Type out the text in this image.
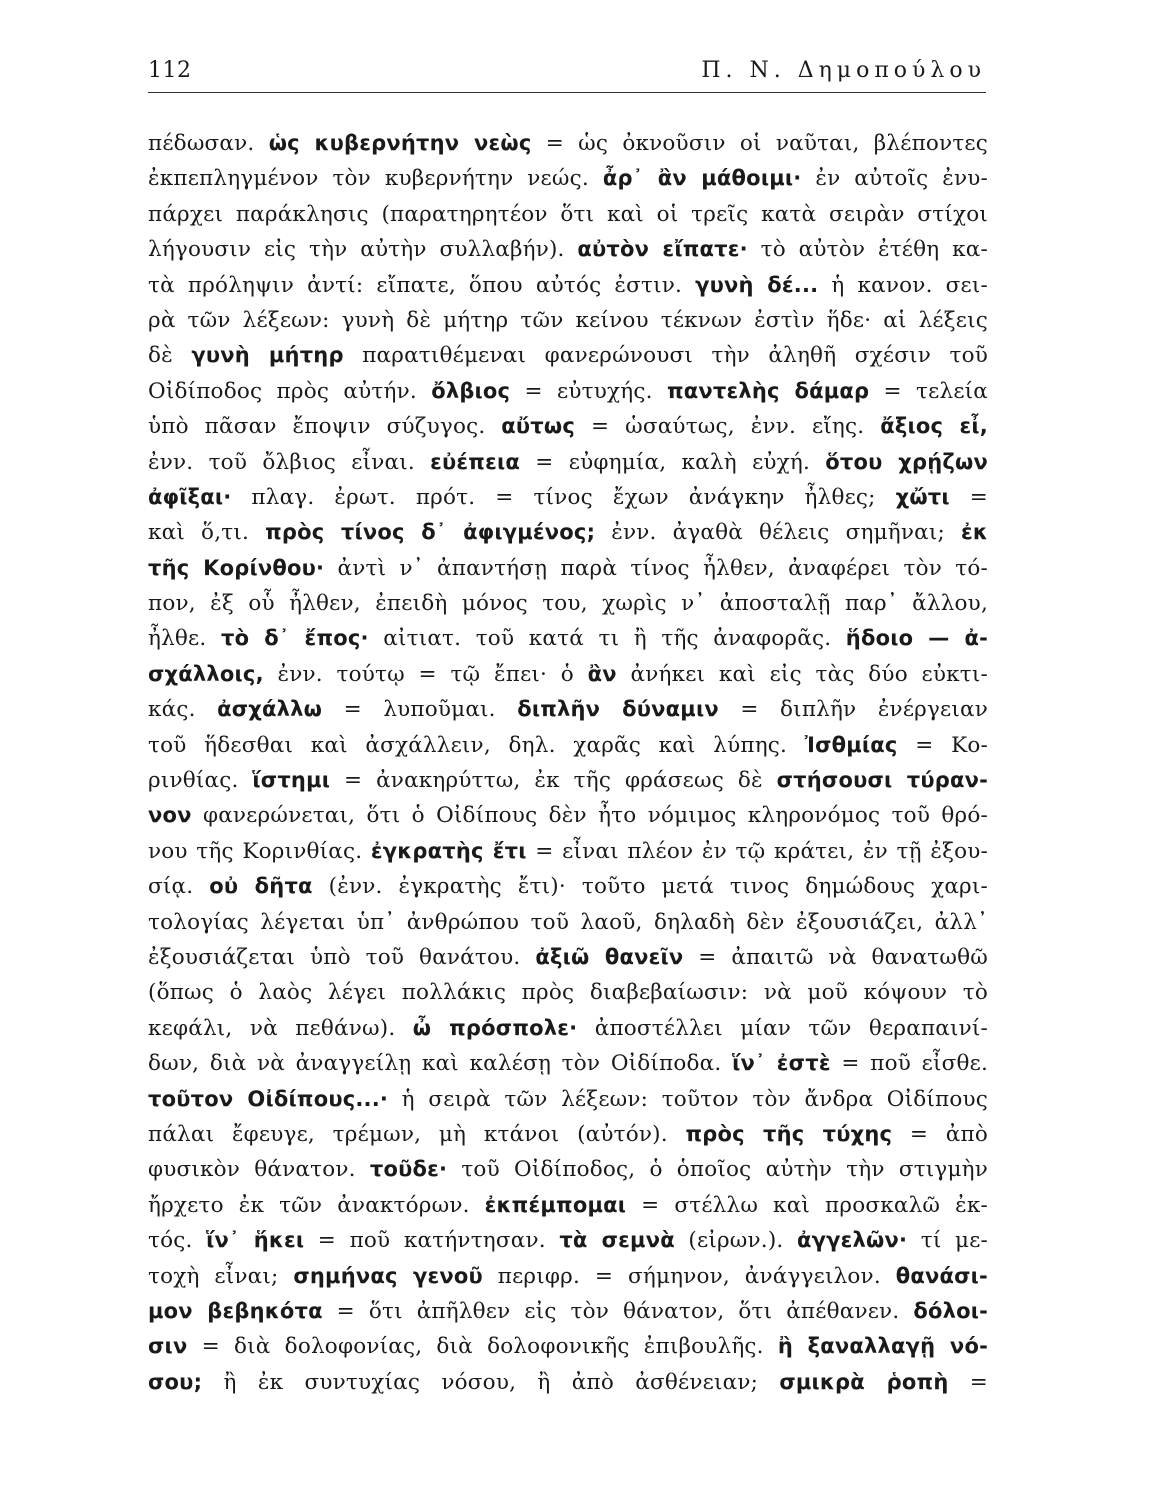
112	Π. Ν. Δημοπούλου
πέδωσαν. ὡς κυβερνήτην νεὼς = ὡς ὀκνοῦσιν οἱ ναῦται, βλέποντες
ἐκπεπληγμένον τὸν κυβερνήτην νεώς. ἆρ᾿ ἂν μάθοιμι· ἐν αὐτοῖς ἐνυ-
πάρχει παράκλησις (παρατηρητέον ὅτι καὶ οἱ τρεῖς κατὰ σειρὰν στίχοι
λήγουσιν εἰς τὴν αὐτὴν συλλαβήν). αὐτὸν εἴπατε· τὸ αὐτὸν ἐτέθη κα-
τὰ πρόληψιν ἀντί: εἴπατε, ὅπου αὐτός ἐστιν. γυνὴ δέ... ἡ κανον. σει-
ρὰ τῶν λέξεων: γυνὴ δὲ μήτηρ τῶν κείνου τέκνων ἐστὶν ἥδε· αἱ λέξεις
δὲ γυνὴ μήτηρ παρατιθέμεναι φανερώνουσι τὴν ἀληθῆ σχέσιν τοῦ
Οἰδίποδος πρὸς αὐτήν. ὄλβιος = εὐτυχής. παντελὴς δάμαρ = τελεία
ὑπὸ πᾶσαν ἔποψιν σύζυγος. αὔτως = ὡσαύτως, ἐνν. εἴης. ἄξιος εἶ,
ἐνν. τοῦ ὄλβιος εἶναι. εὐέπεια = εὐφημία, καλὴ εὐχή. ὅτου χρῄζων
ἀφῖξαι· πλαγ. ἐρωτ. πρότ. = τίνος ἔχων ἀνάγκην ἦλθες; χὤτι =
καὶ ὅ,τι. πρὸς τίνος δ᾿ ἀφιγμένος; ἐνν. ἀγαθὰ θέλεις σημῆναι; ἐκ
τῆς Κορίνθου· ἀντὶ ν᾿ ἀπαντήσῃ παρὰ τίνος ἦλθεν, ἀναφέρει τὸν τό-
πον, ἐξ οὗ ἦλθεν, ἐπειδὴ μόνος του, χωρὶς ν᾿ ἀποσταλῇ παρ᾿ ἄλλου,
ἦλθε. τὸ δ᾿ ἔπος· αἰτιατ. τοῦ κατά τι ἢ τῆς ἀναφορᾶς. ἥδοιο — ἀ-
σχάλλοις, ἐνν. τούτῳ = τῷ ἔπει· ὁ ἂν ἀνήκει καὶ εἰς τὰς δύο εὐκτι-
κάς. ἀσχάλλω = λυποῦμαι. διπλῆν δύναμιν = διπλῆν ἐνέργειαν
τοῦ ἥδεσθαι καὶ ἀσχάλλειν, δηλ. χαρᾶς καὶ λύπης. Ἰσθμίας = Κο-
ρινθίας. ἵστημι = ἀνακηρύττω, ἐκ τῆς φράσεως δὲ στήσουσι τύραν-
νον φανερώνεται, ὅτι ὁ Οἰδίπους δὲν ἦτο νόμιμος κληρονόμος τοῦ θρό-
νου τῆς Κορινθίας. ἐγκρατὴς ἔτι = εἶναι πλέον ἐν τῷ κράτει, ἐν τῇ ἐξου-
σίᾳ. οὐ δῆτα (ἐνν. ἐγκρατὴς ἔτι)· τοῦτο μετά τινος δημώδους χαρι-
τολογίας λέγεται ὑπ᾿ ἀνθρώπου τοῦ λαοῦ, δηλαδὴ δὲν ἐξουσιάζει, ἀλλ᾿
ἐξουσιάζεται ὑπὸ τοῦ θανάτου. ἀξιῶ θανεῖν = ἀπαιτῶ νὰ θανατωθῶ
(ὅπως ὁ λαὸς λέγει πολλάκις πρὸς διαβεβαίωσιν: νὰ μοῦ κόψουν τὸ
κεφάλι, νὰ πεθάνω). ὦ πρόσπολε· ἀποστέλλει μίαν τῶν θεραπαινί-
δων, διὰ νὰ ἀναγγείλῃ καὶ καλέσῃ τὸν Οἰδίποδα. ἵν᾿ ἐστὲ = ποῦ εἶσθε.
τοῦτον Οἰδίπους...· ἡ σειρὰ τῶν λέξεων: τοῦτον τὸν ἄνδρα Οἰδίπους
πάλαι ἔφευγε, τρέμων, μὴ κτάνοι (αὐτόν). πρὸς τῆς τύχης = ἀπὸ
φυσικὸν θάνατον. τοῦδε· τοῦ Οἰδίποδος, ὁ ὁποῖος αὐτὴν τὴν στιγμὴν
ἤρχετο ἐκ τῶν ἀνακτόρων. ἐκπέμπομαι = στέλλω καὶ προσκαλῶ ἐκ-
τός. ἵν᾿ ἥκει = ποῦ κατήντησαν. τὰ σεμνὰ (εἰρων.). ἀγγελῶν· τί με-
τοχὴ εἶναι; σημήνας γενοῦ περιφρ. = σήμηνον, ἀνάγγειλον. θανάσι-
μον βεβηκότα = ὅτι ἀπῆλθεν εἰς τὸν θάνατον, ὅτι ἀπέθανεν. δόλοι-
σιν = διὰ δολοφονίας, διὰ δολοφονικῆς ἐπιβουλῆς. ἢ ξαναλλαγῇ νό-
σου; ἢ ἐκ συντυχίας νόσου, ἢ ἀπὸ ἀσθένειαν; σμικρὰ ῥοπὴ =
